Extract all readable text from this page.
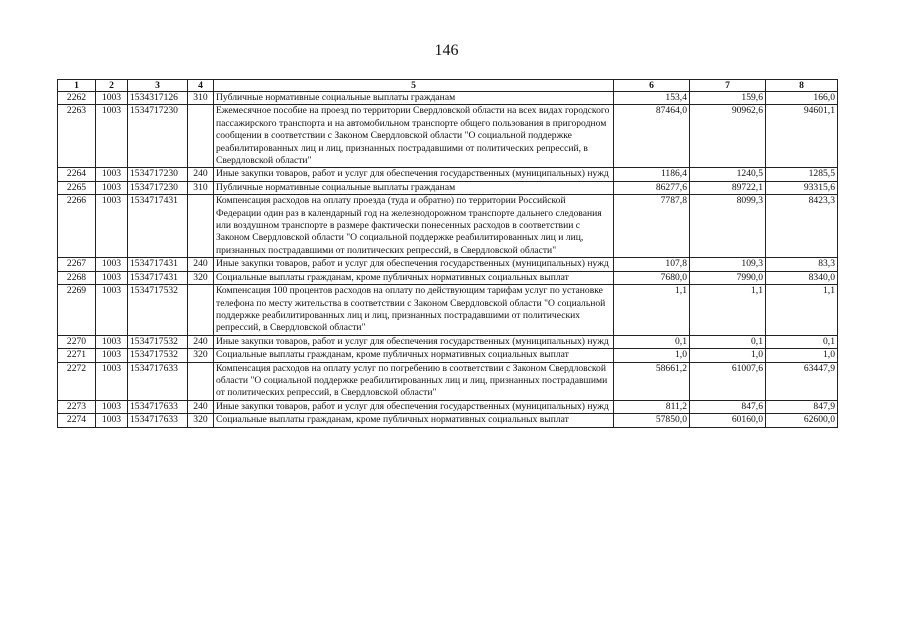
146
1	2	3	4	5	6	7	8
2262	1003	1534317126	310	Публичные нормативные социальные выплаты гражданам	153,4	159,6	166,0
2263	1003	1534717230		Ежемесячное пособие на проезд по территории Свердловской области на всех видах городского пассажирского транспорта и на автомобильном транспорте общего пользования в пригородном сообщении в соответствии с Законом Свердловской области "О социальной поддержке реабилитированных лиц и лиц, признанных пострадавшими от политических репрессий, в Свердловской области"	87464,0	90962,6	94601,1
2264	1003	1534717230	240	Иные закупки товаров, работ и услуг для обеспечения государственных (муниципальных) нужд	1186,4	1240,5	1285,5
2265	1003	1534717230	310	Публичные нормативные социальные выплаты гражданам	86277,6	89722,1	93315,6
2266	1003	1534717431		Компенсация расходов на оплату проезда (туда и обратно) по территории Российской Федерации один раз в календарный год на железнодорожном транспорте дальнего следования или воздушном транспорте в размере фактически понесенных расходов в соответствии с Законом Свердловской области "О социальной поддержке реабилитированных лиц и лиц, признанных пострадавшими от политических репрессий, в Свердловской области"	7787,8	8099,3	8423,3
2267	1003	1534717431	240	Иные закупки товаров, работ и услуг для обеспечения государственных (муниципальных) нужд	107,8	109,3	83,3
2268	1003	1534717431	320	Социальные выплаты гражданам, кроме публичных нормативных социальных выплат	7680,0	7990,0	8340,0
2269	1003	1534717532		Компенсация 100 процентов расходов на оплату по действующим тарифам услуг по установке телефона по месту жительства в соответствии с Законом Свердловской области "О социальной поддержке реабилитированных лиц и лиц, признанных пострадавшими от политических репрессий, в Свердловской области"	1,1	1,1	1,1
2270	1003	1534717532	240	Иные закупки товаров, работ и услуг для обеспечения государственных (муниципальных) нужд	0,1	0,1	0,1
2271	1003	1534717532	320	Социальные выплаты гражданам, кроме публичных нормативных социальных выплат	1,0	1,0	1,0
2272	1003	1534717633		Компенсация расходов на оплату услуг по погребению в соответствии с Законом Свердловской области "О социальной поддержке реабилитированных лиц и лиц, признанных пострадавшими от политических репрессий, в Свердловской области"	58661,2	61007,6	63447,9
2273	1003	1534717633	240	Иные закупки товаров, работ и услуг для обеспечения государственных (муниципальных) нужд	811,2	847,6	847,9
2274	1003	1534717633	320	Социальные выплаты гражданам, кроме публичных нормативных социальных выплат	57850,0	60160,0	62600,0
